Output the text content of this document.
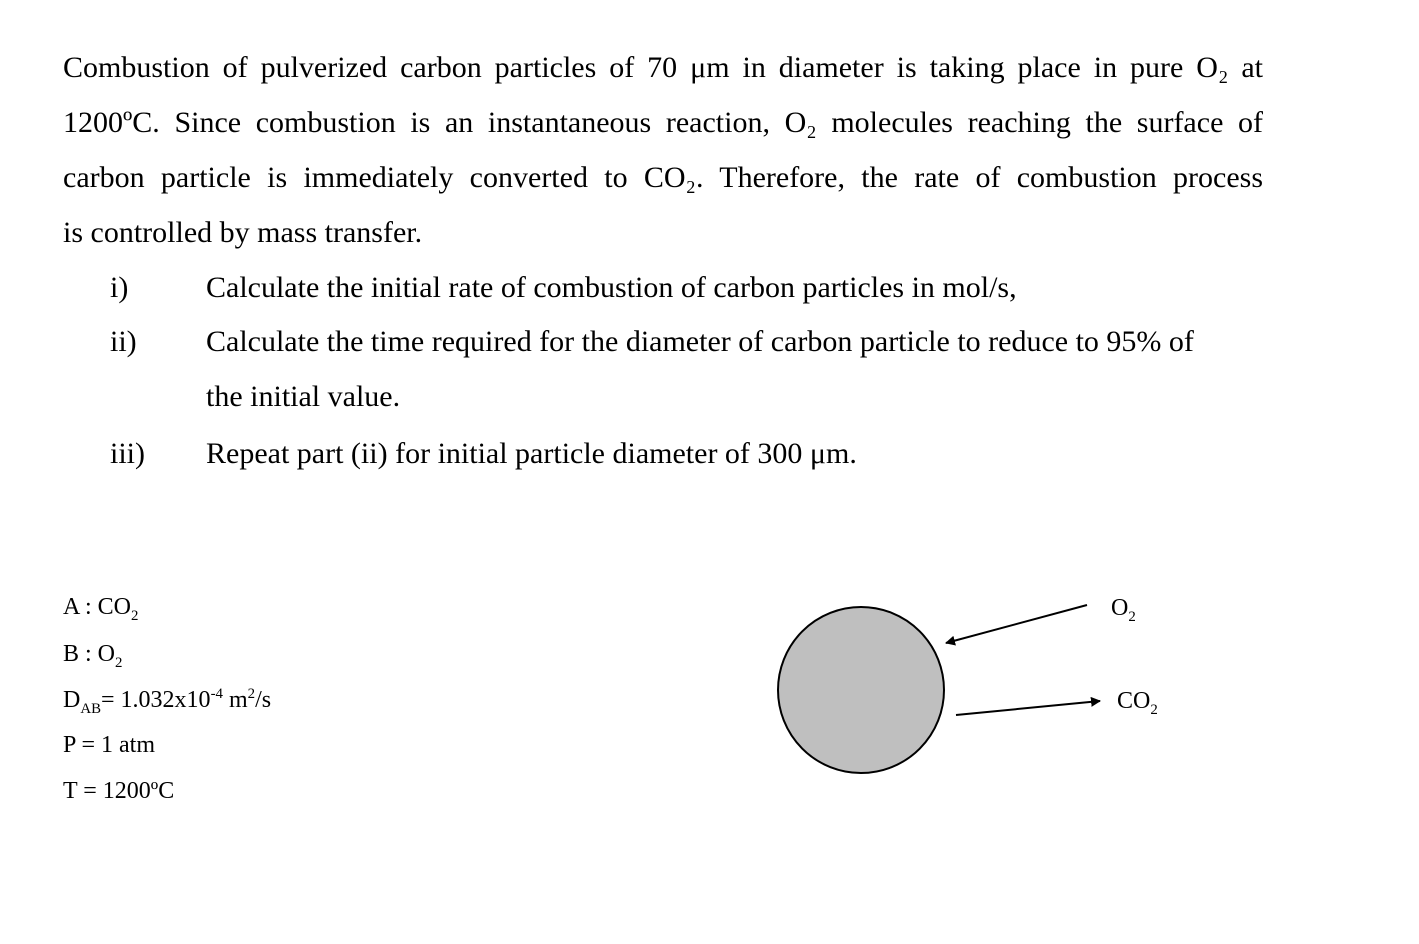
Combustion of pulverized carbon particles of 70 μm in diameter is taking place in pure O₂ at
1200ºC. Since combustion is an instantaneous reaction, O₂ molecules reaching the surface of
carbon particle is immediately converted to CO₂. Therefore, the rate of combustion process
is controlled by mass transfer.
i)	Calculate the initial rate of combustion of carbon particles in mol/s,
ii) Calculate the time required for the diameter of carbon particle to reduce to 95% of
the initial value.
iii) Repeat part (ii) for initial particle diameter of 300 μm.
A : $CO_2$
B : $O_2$
$D_{AB}= 1.032x10^{-4}$ $m^2/s$
P = 1 atm
T = 1200ºC
$O_2$
$CO_2$
